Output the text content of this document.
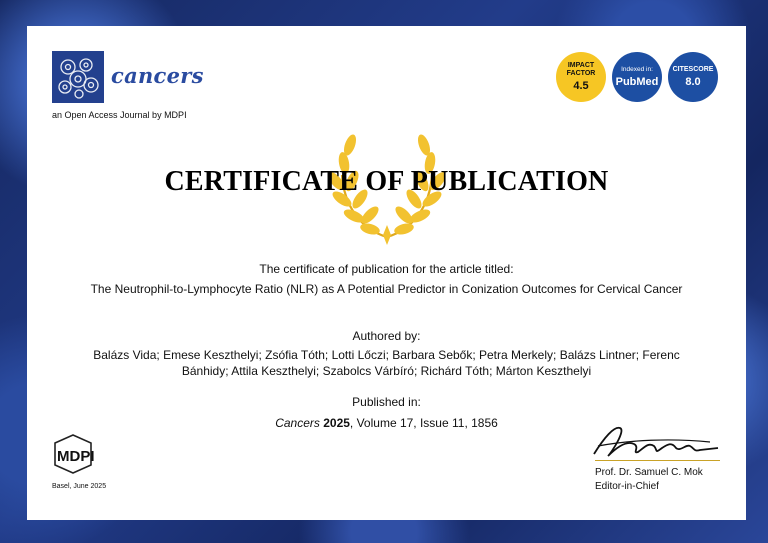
cancers
an Open Access Journal by MDPI
IMPACT FACTOR
4.5
Indexed in:
PubMed
CITESCORE
8.0
CERTIFICATE OF PUBLICATION
The certificate of publication for the article titled:
The Neutrophil-to-Lymphocyte Ratio (NLR) as A Potential Predictor in Conization Outcomes for Cervical Cancer
Authored by:
Balázs Vida; Emese Keszthelyi; Zsófia Tóth; Lotti Lőczi; Barbara Sebők; Petra Merkely; Balázs Lintner; Ferenc Bánhidy; Attila Keszthelyi; Szabolcs Várbíró; Richárd Tóth; Márton Keszthelyi
Published in:
Cancers 2025, Volume 17, Issue 11, 1856
MDPI
Basel, June 2025
Prof. Dr. Samuel C. Mok
Editor-in-Chief
